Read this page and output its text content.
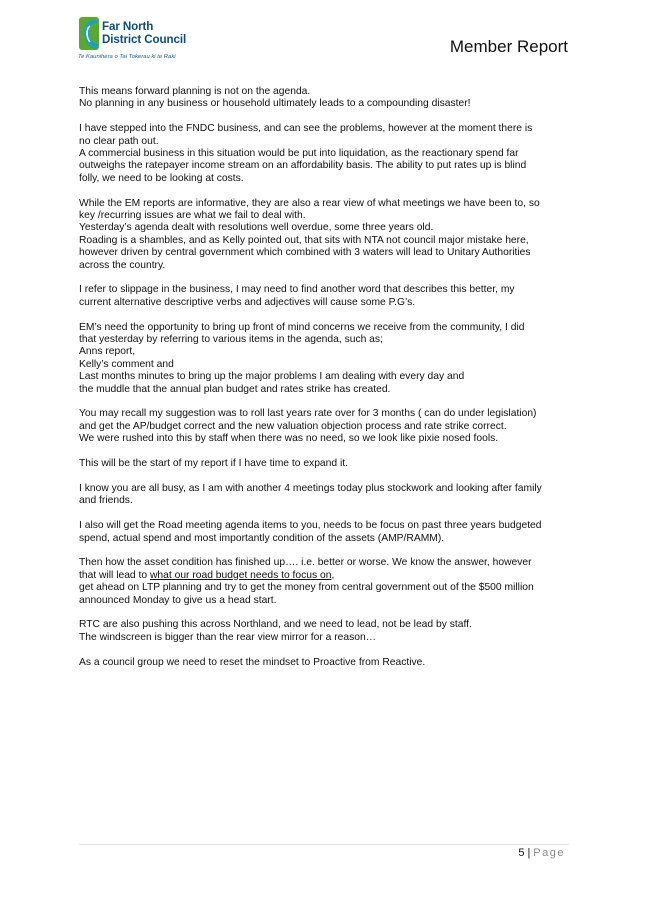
Far North
District Council
Te Kaunihera o Tai Tokerau ki te Raki
Member Report
This means forward planning is not on the agenda.
No planning in any business or household ultimately leads to a compounding disaster!
I have stepped into the FNDC business, and can see the problems, however at the moment there is
no clear path out.
A commercial business in this situation would be put into liquidation, as the reactionary spend far
outweighs the ratepayer income stream on an affordability basis. The ability to put rates up is blind
folly, we need to be looking at costs.
While the EM reports are informative, they are also a rear view of what meetings we have been to, so
key /recurring issues are what we fail to deal with.
Yesterday’s agenda dealt with resolutions well overdue, some three years old.
Roading is a shambles, and as Kelly pointed out, that sits with NTA not council major mistake here,
however driven by central government which combined with 3 waters will lead to Unitary Authorities
across the country.
I refer to slippage in the business, I may need to find another word that describes this better, my
current alternative descriptive verbs and adjectives will cause some P.G’s.
EM’s need the opportunity to bring up front of mind concerns we receive from the community, I did
that yesterday by referring to various items in the agenda, such as;
Anns report,
Kelly’s comment and
Last months minutes to bring up the major problems I am dealing with every day and
the muddle that the annual plan budget and rates strike has created.
You may recall my suggestion was to roll last years rate over for 3 months ( can do under legislation)
and get the AP/budget correct and the new valuation objection process and rate strike correct.
We were rushed into this by staff when there was no need, so we look like pixie nosed fools.
This will be the start of my report if I have time to expand it.
I know you are all busy, as I am with another 4 meetings today plus stockwork and looking after family
and friends.
I also will get the Road meeting agenda items to you, needs to be focus on past three years budgeted
spend, actual spend and most importantly condition of the assets (AMP/RAMM).
Then how the asset condition has finished up…. i.e. better or worse. We know the answer, however
that will lead to what our road budget needs to focus on,
get ahead on LTP planning and try to get the money from central government out of the $500 million
announced Monday to give us a head start.
RTC are also pushing this across Northland, and we need to lead, not be lead by staff.
The windscreen is bigger than the rear view mirror for a reason…
As a council group we need to reset the mindset to Proactive from Reactive.
5 | Page
